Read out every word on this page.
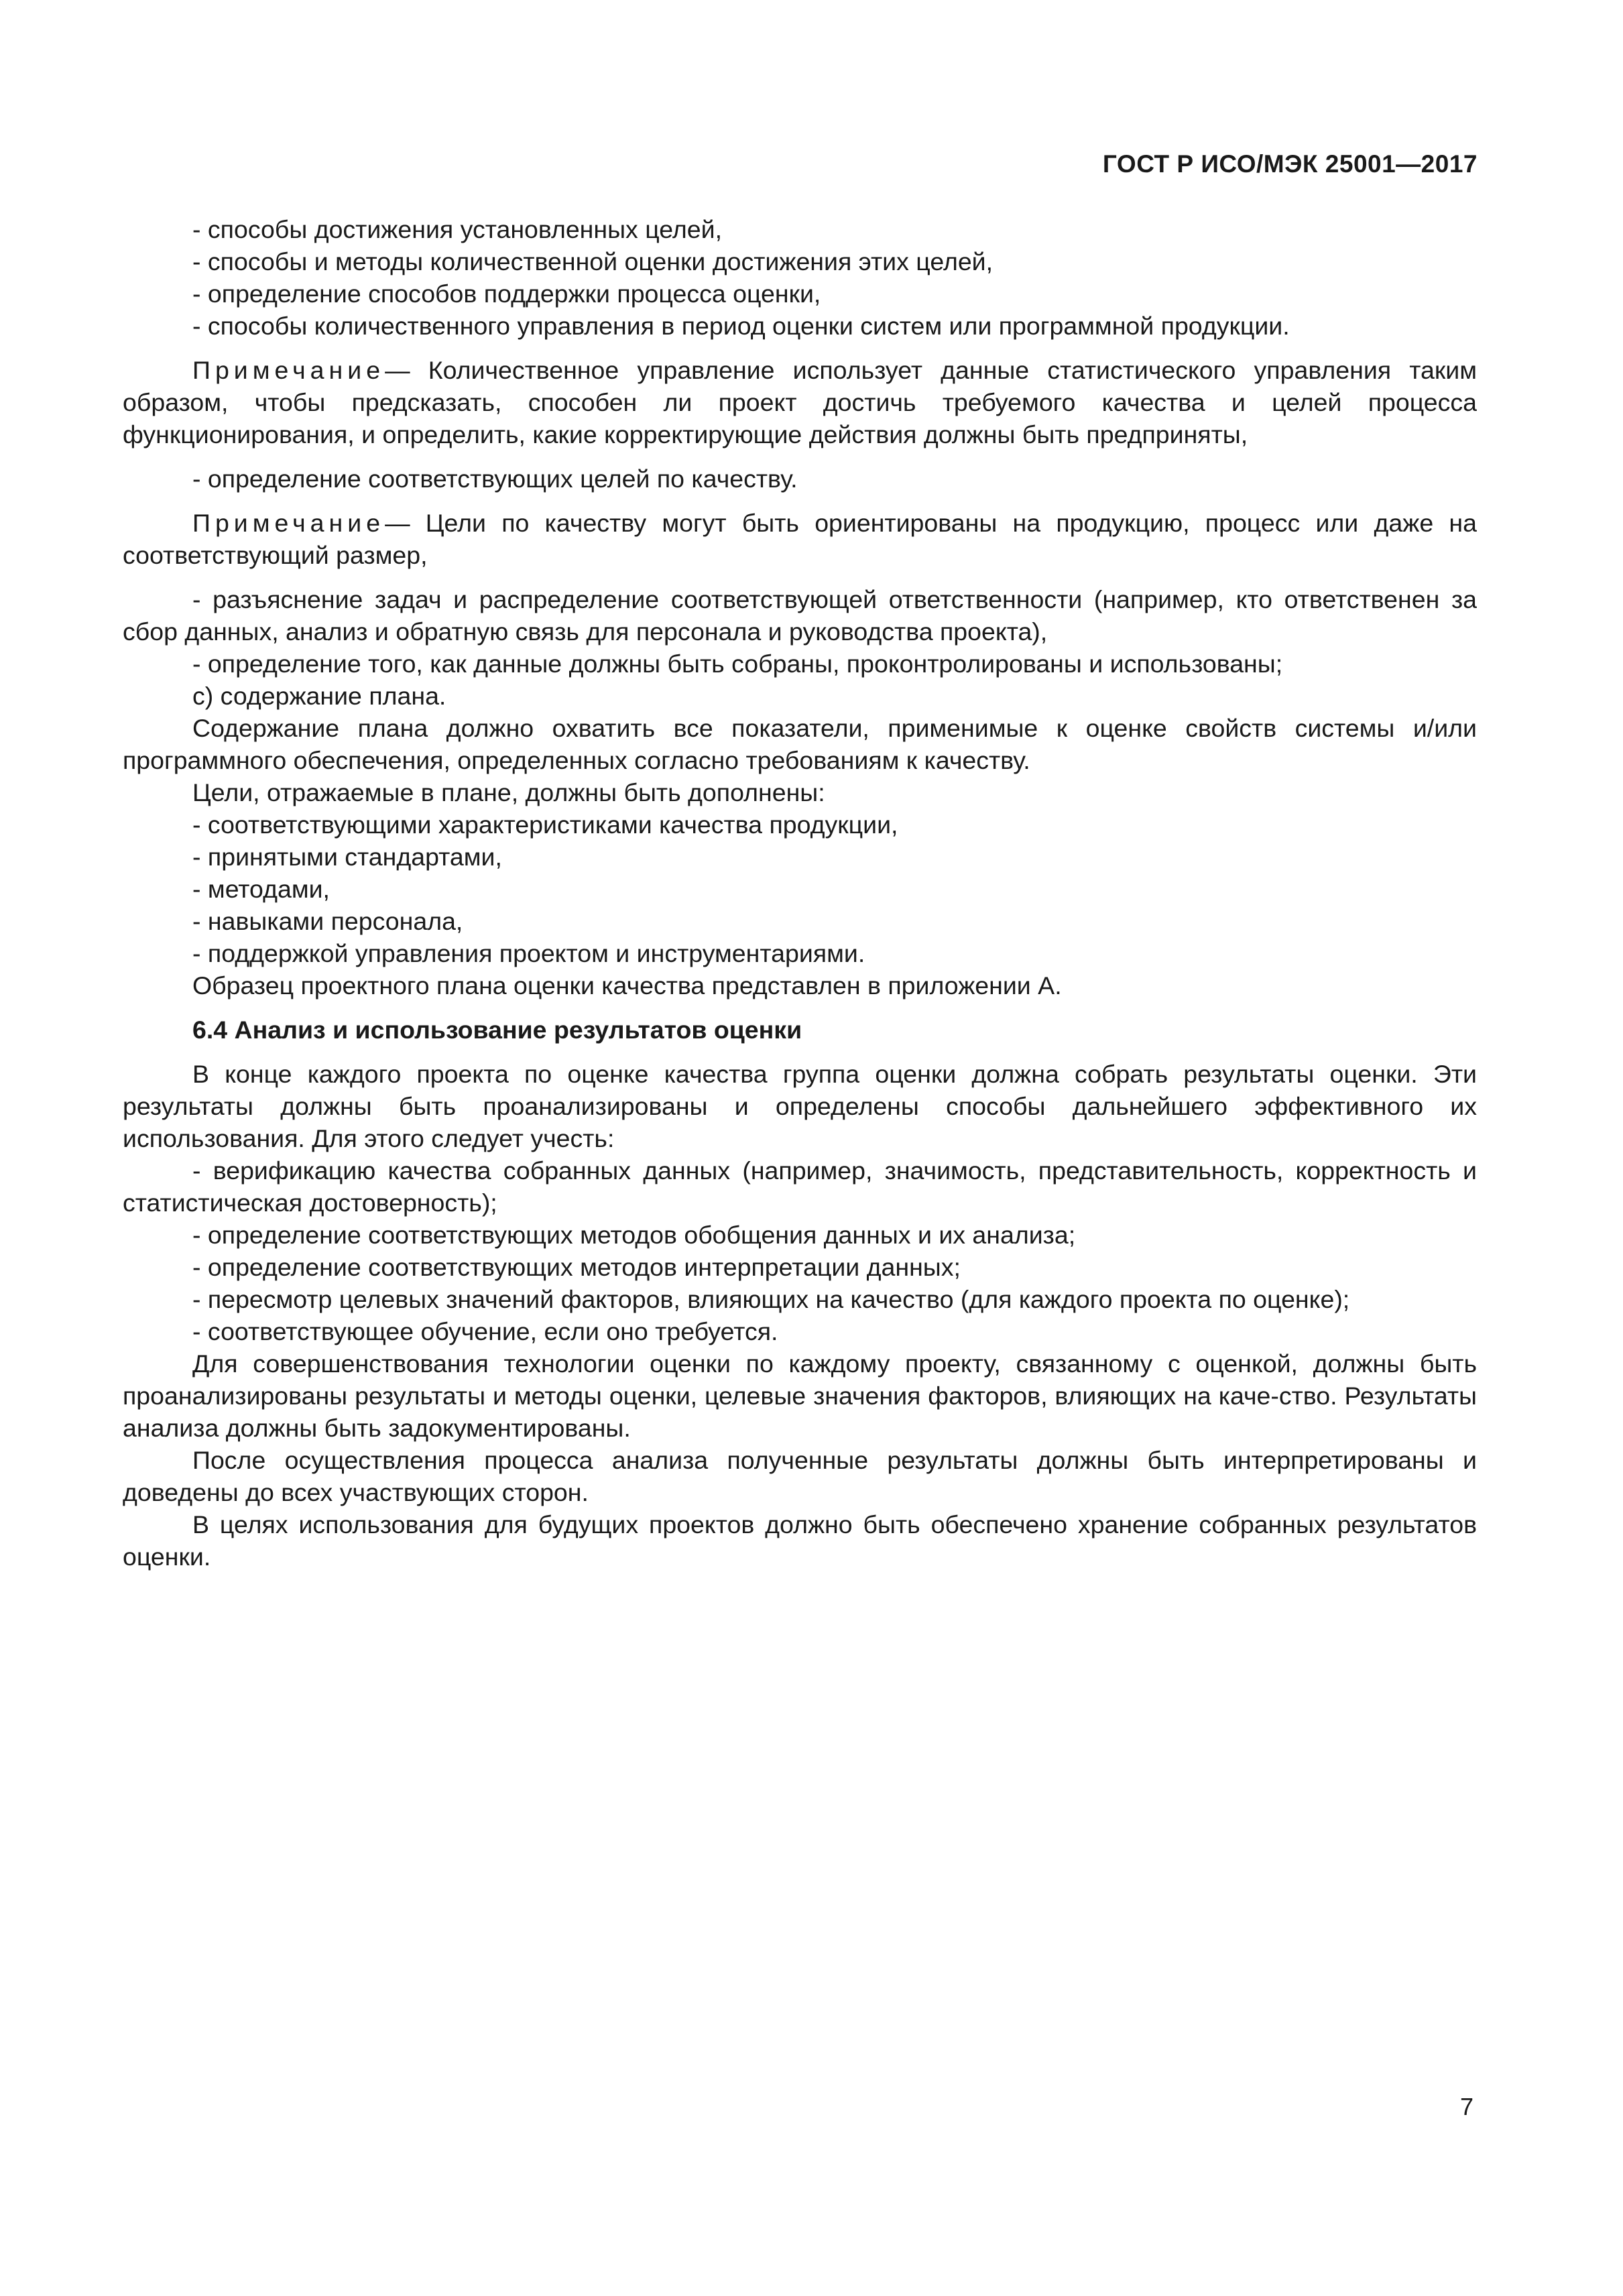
ГОСТ Р ИСО/МЭК 25001—2017

- способы достижения установленных целей,

- способы и методы количественной оценки достижения этих целей,

- определение способов поддержки процесса оценки,

- способы количественного управления в период оценки систем или программной продукции.

Примечание— Количественное управление использует данные статистического управления таким образом, чтобы предсказать, способен ли проект достичь требуемого качества и целей процесса функционирования, и определить, какие корректирующие действия должны быть предприняты,

- определение соответствующих целей по качеству.

Примечание— Цели по качеству могут быть ориентированы на продукцию, процесс или даже на соответствующий размер,

- разъяснение задач и распределение соответствующей ответственности (например, кто ответственен за сбор данных, анализ и обратную связь для персонала и руководства проекта),

- определение того, как данные должны быть собраны, проконтролированы и использованы;

с) содержание плана.

Содержание плана должно охватить все показатели, применимые к оценке свойств системы и/или программного обеспечения, определенных согласно требованиям к качеству.

Цели, отражаемые в плане, должны быть дополнены:

- соответствующими характеристиками качества продукции,

- принятыми стандартами,

- методами,

- навыками персонала,

- поддержкой управления проектом и инструментариями.

Образец проектного плана оценки качества представлен в приложении А.

6.4 Анализ и использование результатов оценки

В конце каждого проекта по оценке качества группа оценки должна собрать результаты оценки. Эти результаты должны быть проанализированы и определены способы дальнейшего эффективного их использования. Для этого следует учесть:

- верификацию качества собранных данных (например, значимость, представительность, корректность и статистическая достоверность);

- определение соответствующих методов обобщения данных и их анализа;

- определение соответствующих методов интерпретации данных;

- пересмотр целевых значений факторов, влияющих на качество (для каждого проекта по оценке);

- соответствующее обучение, если оно требуется.

Для совершенствования технологии оценки по каждому проекту, связанному с оценкой, должны быть проанализированы результаты и методы оценки, целевые значения факторов, влияющих на каче-ство. Результаты анализа должны быть задокументированы.

После осуществления процесса анализа полученные результаты должны быть интерпретированы и доведены до всех участвующих сторон.

В целях использования для будущих проектов должно быть обеспечено хранение собранных результатов оценки.

7
